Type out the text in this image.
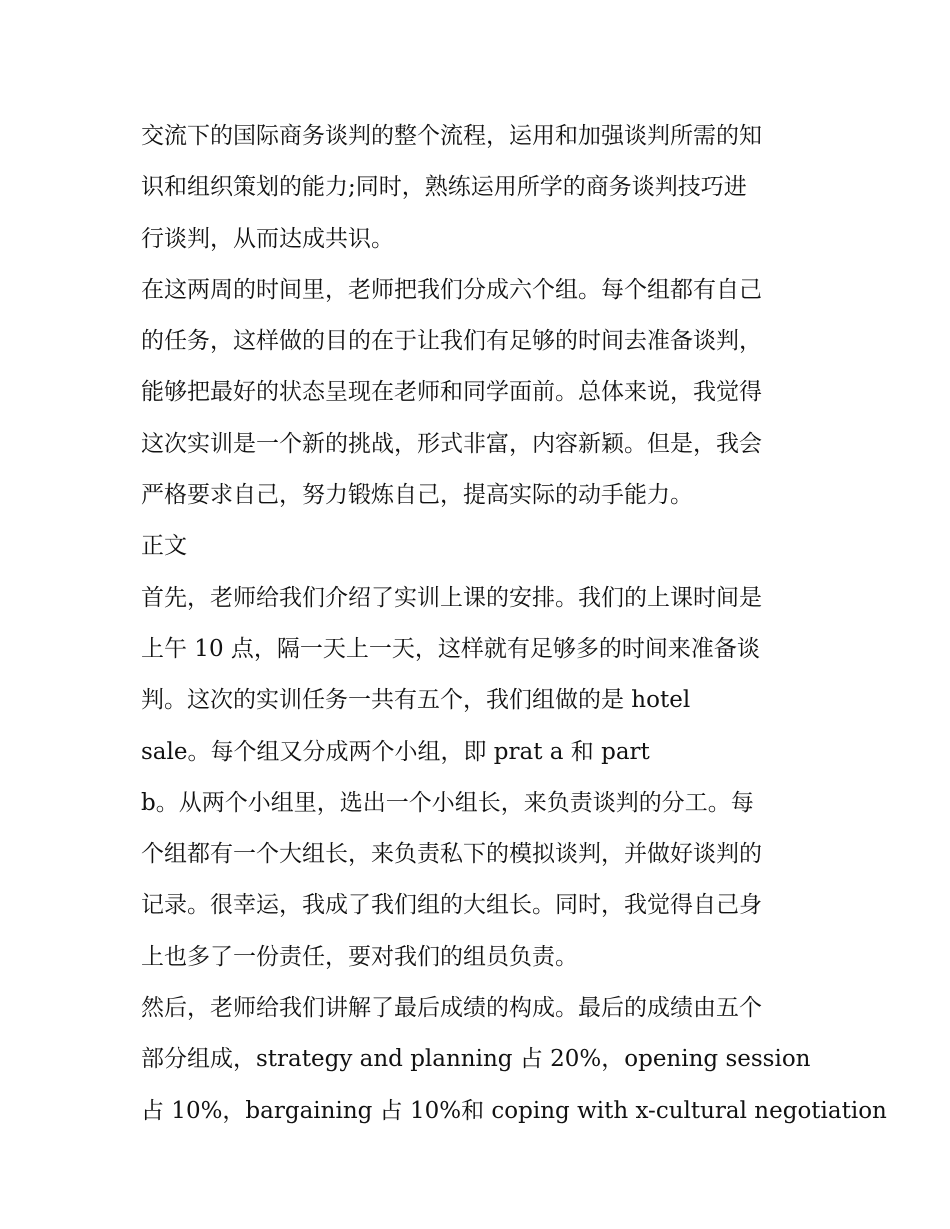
交流下的国际商务谈判的整个流程，运用和加强谈判所需的知
识和组织策划的能力;同时，熟练运用所学的商务谈判技巧进
行谈判，从而达成共识。
在这两周的时间里，老师把我们分成六个组。每个组都有自己
的任务，这样做的目的在于让我们有足够的时间去准备谈判，
能够把最好的状态呈现在老师和同学面前。总体来说，我觉得
这次实训是一个新的挑战，形式非富，内容新颖。但是，我会
严格要求自己，努力锻炼自己，提高实际的动手能力。
正文
首先，老师给我们介绍了实训上课的安排。我们的上课时间是
上午 10 点，隔一天上一天，这样就有足够多的时间来准备谈
判。这次的实训任务一共有五个，我们组做的是 hotel
sale。每个组又分成两个小组，即 prat a 和 part
b。从两个小组里，选出一个小组长，来负责谈判的分工。每
个组都有一个大组长，来负责私下的模拟谈判，并做好谈判的
记录。很幸运，我成了我们组的大组长。同时，我觉得自己身
上也多了一份责任，要对我们的组员负责。
然后，老师给我们讲解了最后成绩的构成。最后的成绩由五个
部分组成，strategy and planning 占 20%，opening session
占 10%，bargaining 占 10%和 coping with x-cultural negotiation
